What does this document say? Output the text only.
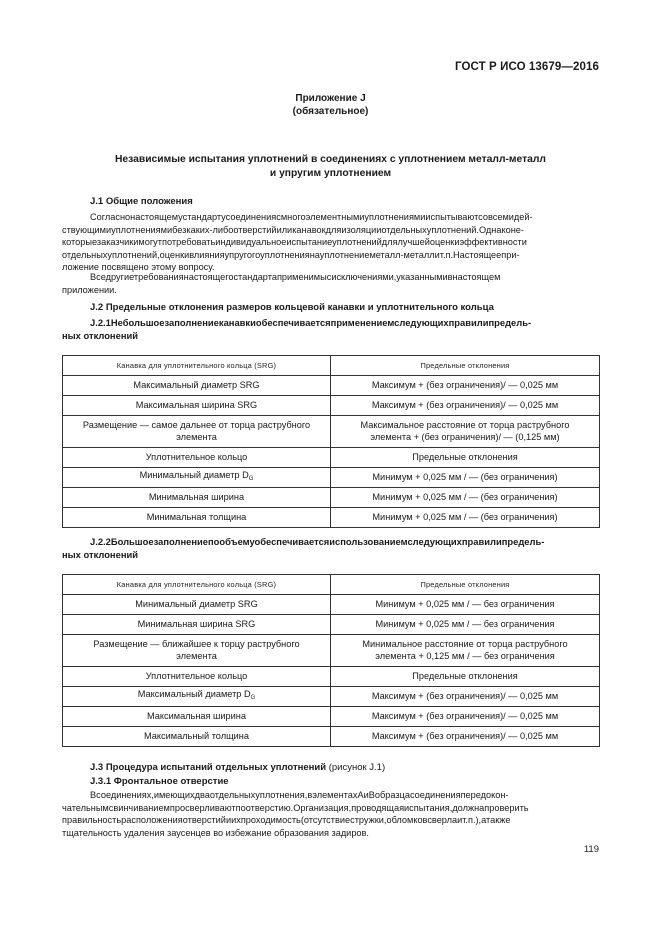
ГОСТ Р ИСО 13679—2016
Приложение J
(обязательное)
Независимые испытания уплотнений в соединениях с уплотнением металл-металл
и упругим уплотнением
J.1 Общие положения
Согласнонастоящемустандартусоединениясмногоэлементнымиуплотнениямииспытываютсовсемидей-
ствующимиуплотнениямибезкаких-либоотверстийиликанавокдляизоляцииотдельныхуплотнений.Однаконе-
которыезаказчикимогутпотребоватьиндивидуальноеиспытаниеуплотненийдлялучшейоценкиэффективности
отдельныхуплотнений,оценкивлиянияупругогоуплотнениянауплотнениеметалл-металлит.п.Настоящеепри-
ложение посвящено этому вопросу.
Вседругиетребованиянастоящегостандартаприменимысисключениями,указаннымивнастоящем
приложении.
J.2 Предельные отклонения размеров кольцевой канавки и уплотнительного кольца
J.2.1Небольшоезаполнениеканавкиобеспечиваетсяприменениемследующихправилипредель-
ных отклонений
Канавка для уплотнительного кольца (SRG)	Предельные отклонения
Максимальный диаметр SRG	Максимум + (без ограничения)/ — 0,025 мм
Максимальная ширина SRG	Максимум + (без ограничения)/ — 0,025 мм
Размещение — самое дальнее от торца раструбного
элемента	Максимальное расстояние от торца раструбного
элемента + (без ограничения)/ — (0,125 мм)
Уплотнительное кольцо	Предельные отклонения
Минимальный диаметр $D_G$	Минимум + 0,025 мм / — (без ограничения)
Минимальная ширина	Минимум + 0,025 мм / — (без ограничения)
Минимальная толщина	Минимум + 0,025 мм / — (без ограничения)
J.2.2Большоезаполнениепообъемуобеспечиваетсяиспользованиемследующихправилипредель-
ных отклонений
Канавка для уплотнительного кольца (SRG)	Предельные отклонения
Минимальный диаметр SRG	Минимум + 0,025 мм / — без ограничения
Минимальная ширина SRG	Минимум + 0,025 мм / — без ограничения
Размещение — ближайшее к торцу раструбного
элемента	Минимальное расстояние от торца раструбного
элемента + 0,125 мм / — без ограничения
Уплотнительное кольцо	Предельные отклонения
Максимальный диаметр $D_G$	Максимум + (без ограничения)/ — 0,025 мм
Максимальная ширина	Максимум + (без ограничения)/ — 0,025 мм
Максимальный толщина	Максимум + (без ограничения)/ — 0,025 мм
J.3 Процедура испытаний отдельных уплотнений (рисунок J.1)
J.3.1 Фронтальное отверстие
Всоединениях,имеющихдваотдельныхуплотнения,вэлементахAиBобразцасоединенияпередокон-
чательнымсвинчиваниемпросверливаютпоотверстию.Организация,проводящаяиспытания,должнапроверить
правильностьрасположенияотверстийиихпроходимость(отсутствиестружки,обломковсверлаит.п.),атакже
тщательность удаления заусенцев во избежание образования задиров.
119
